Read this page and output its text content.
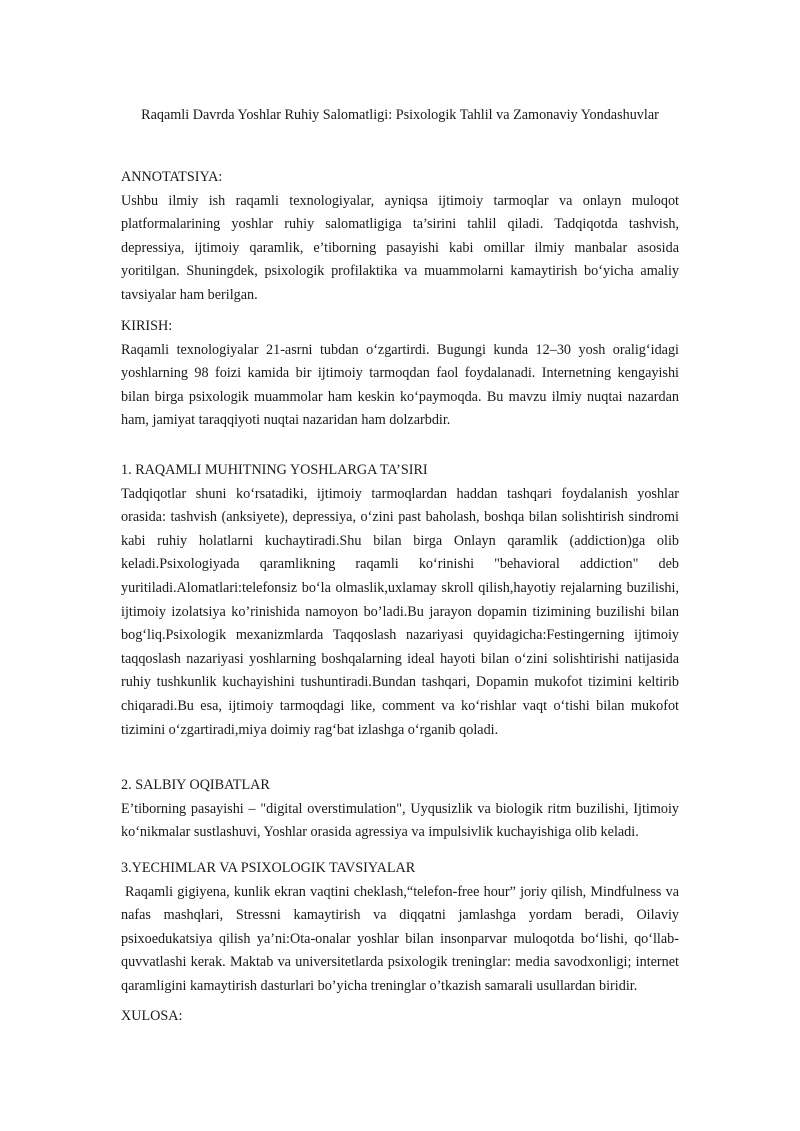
Raqamli Davrda Yoshlar Ruhiy Salomatligi: Psixologik Tahlil va Zamonaviy Yondashuvlar

ANNOTATSIYA:

Ushbu ilmiy ish raqamli texnologiyalar, ayniqsa ijtimoiy tarmoqlar va onlayn muloqot platformalarining yoshlar ruhiy salomatligiga ta’sirini tahlil qiladi. Tadqiqotda tashvish, depressiya, ijtimoiy qaramlik, e’tiborning pasayishi kabi omillar ilmiy manbalar asosida yoritilgan. Shuningdek, psixologik profilaktika va muammolarni kamaytirish bo‘yicha amaliy tavsiyalar ham berilgan.

KIRISH:

Raqamli texnologiyalar 21-asrni tubdan o‘zgartirdi. Bugungi kunda 12–30 yosh oralig‘idagi yoshlarning 98 foizi kamida bir ijtimoiy tarmoqdan faol foydalanadi. Internetning kengayishi bilan birga psixologik muammolar ham keskin ko‘paymoqda. Bu mavzu ilmiy nuqtai nazardan ham, jamiyat taraqqiyoti nuqtai nazaridan ham dolzarbdir.

1. RAQAMLI MUHITNING YOSHLARGA TA’SIRI

Tadqiqotlar shuni ko‘rsatadiki, ijtimoiy tarmoqlardan haddan tashqari foydalanish yoshlar orasida: tashvish (anksiyete), depressiya, o‘zini past baholash, boshqa bilan solishtirish sindromi kabi ruhiy holatlarni kuchaytiradi.Shu bilan birga Onlayn qaramlik (addiction)ga olib keladi.Psixologiyada qaramlikning raqamli ko‘rinishi "behavioral addiction" deb yuritiladi.Alomatlari:telefonsiz bo‘la olmaslik,uxlamay skroll qilish,hayotiy rejalarning buzilishi, ijtimoiy izolatsiya ko’rinishida namoyon bo’ladi.Bu jarayon dopamin tizimining buzilishi bilan bog‘liq.Psixologik mexanizmlarda Taqqoslash nazariyasi quyidagicha:Festingerning ijtimoiy taqqoslash nazariyasi yoshlarning boshqalarning ideal hayoti bilan o‘zini solishtirishi natijasida ruhiy tushkunlik kuchayishini tushuntiradi.Bundan tashqari, Dopamin mukofot tizimini keltirib chiqaradi.Bu esa, ijtimoiy tarmoqdagi like, comment va ko‘rishlar vaqt o‘tishi bilan mukofot tizimini o‘zgartiradi,miya doimiy rag‘bat izlashga o‘rganib qoladi.

2. SALBIY OQIBATLAR

E’tiborning pasayishi – "digital overstimulation", Uyqusizlik va biologik ritm buzilishi, Ijtimoiy ko‘nikmalar sustlashuvi, Yoshlar orasida agressiya va impulsivlik kuchayishiga olib keladi.

3.YECHIMLAR VA PSIXOLOGIK TAVSIYALAR

Raqamli gigiyena, kunlik ekran vaqtini cheklash,“telefon-free hour” joriy qilish, Mindfulness va nafas mashqlari, Stressni kamaytirish va diqqatni jamlashga yordam beradi, Oilaviy psixoedukatsiya qilish ya’ni:Ota-onalar yoshlar bilan insonparvar muloqotda bo‘lishi, qo‘llab-quvvatlashi kerak. Maktab va universitetlarda psixologik treninglar: media savodxonligi; internet qaramligini kamaytirish dasturlari bo’yicha treninglar o’tkazish samarali usullardan biridir.

XULOSA:
